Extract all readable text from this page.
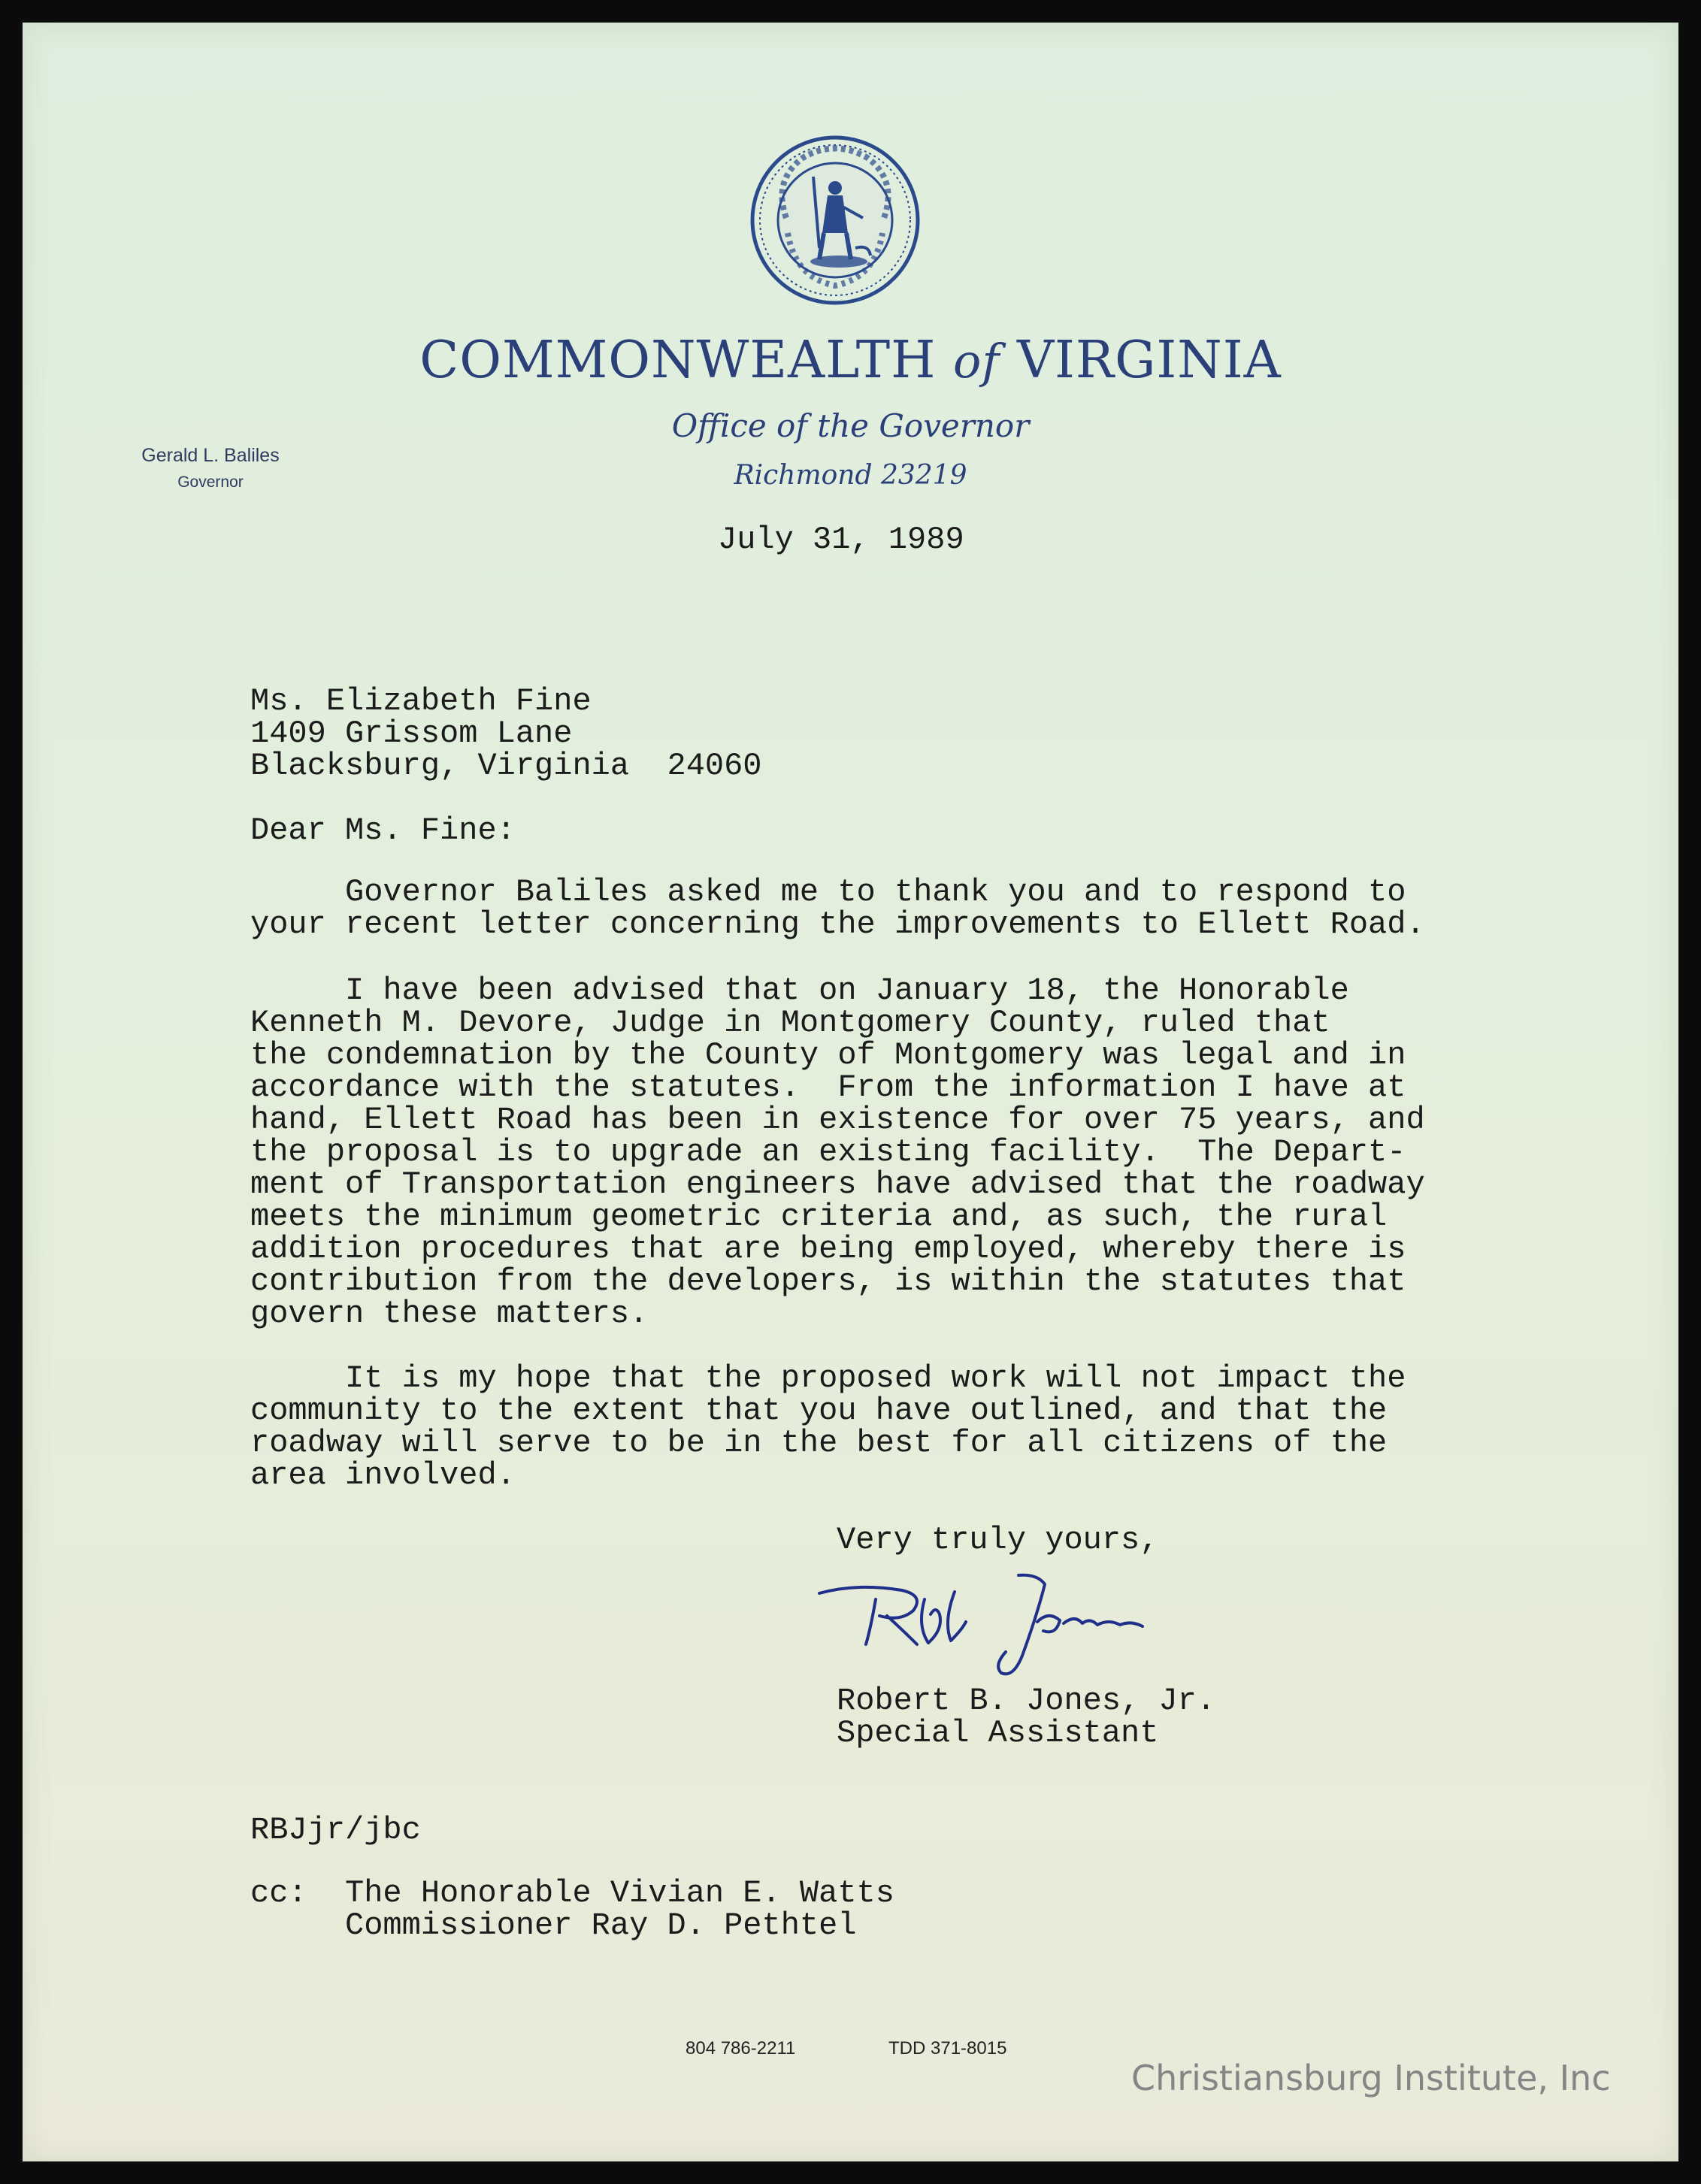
COMMONWEALTH of VIRGINIA
Office of the Governor
Richmond 23219
Gerald L. Baliles
Governor
July 31, 1989
Ms. Elizabeth Fine
1409 Grissom Lane
Blacksburg, Virginia  24060
Dear Ms. Fine:
Governor Baliles asked me to thank you and to respond to
your recent letter concerning the improvements to Ellett Road.
I have been advised that on January 18, the Honorable
Kenneth M. Devore, Judge in Montgomery County, ruled that
the condemnation by the County of Montgomery was legal and in
accordance with the statutes.  From the information I have at
hand, Ellett Road has been in existence for over 75 years, and
the proposal is to upgrade an existing facility.  The Depart-
ment of Transportation engineers have advised that the roadway
meets the minimum geometric criteria and, as such, the rural
addition procedures that are being employed, whereby there is
contribution from the developers, is within the statutes that
govern these matters.
It is my hope that the proposed work will not impact the
community to the extent that you have outlined, and that the
roadway will serve to be in the best for all citizens of the
area involved.
Very truly yours,
Robert B. Jones, Jr.
Special Assistant
RBJjr/jbc
cc:  The Honorable Vivian E. Watts
Commissioner Ray D. Pethtel
804 786-2211	TDD 371-8015
Christiansburg Institute, Inc
